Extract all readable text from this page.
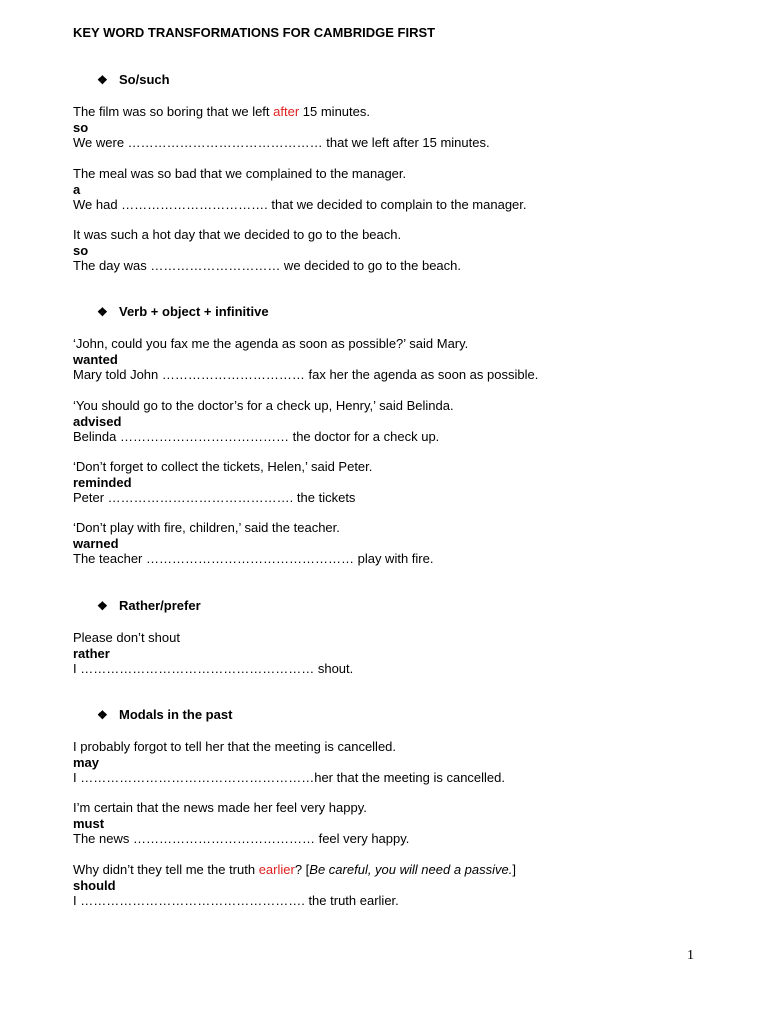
KEY WORD TRANSFORMATIONS FOR CAMBRIDGE FIRST
❖ So/such
The film was so boring that we left after 15 minutes.
so
We were ……………………………………… that we left after 15 minutes.
The meal was so bad that we complained to the manager.
a
We had ……………………………. that we decided to complain to the manager.
It was such a hot day that we decided to go to the beach.
so
The day was ………………………… we decided to go to the beach.
❖ Verb + object + infinitive
‘John, could you fax me the agenda as soon as possible?’ said Mary.
wanted
Mary told John …………………………… fax her the agenda as soon as possible.
‘You should go to the doctor’s for a check up, Henry,’ said Belinda.
advised
Belinda ………………………………… the doctor for a check up.
‘Don’t forget to collect the tickets, Helen,’ said Peter.
reminded
Peter ……………………………………. the tickets
‘Don’t play with fire, children,’ said the teacher.
warned
The teacher ………………………………………… play with fire.
❖ Rather/prefer
Please don’t shout
rather
I ……………………………………………… shout.
❖ Modals in the past
I probably forgot to tell her that the meeting is cancelled.
may
I ………………………………………………her that the meeting is cancelled.
I’m certain that the news made her feel very happy.
must
The news …………………………………… feel very happy.
Why didn’t they tell me the truth earlier? [Be careful, you will need a passive.]
should
I ……………………………………………. the truth earlier.
1
